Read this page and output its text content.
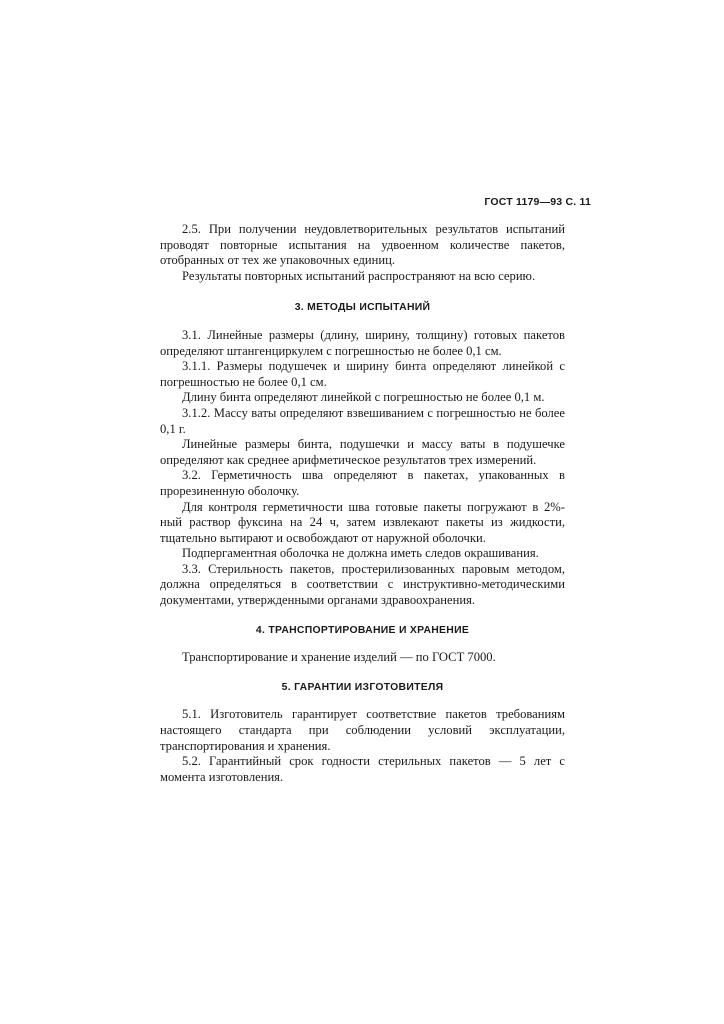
ГОСТ 1179—93 С. 11

2.5. При получении неудовлетворительных результатов испытаний проводят повторные испытания на удвоенном количестве пакетов, отобранных от тех же упаковочных единиц.

Результаты повторных испытаний распространяют на всю серию.

3. МЕТОДЫ ИСПЫТАНИЙ

3.1. Линейные размеры (длину, ширину, толщину) готовых пакетов определяют штангенциркулем с погрешностью не более 0,1 см.

3.1.1. Размеры подушечек и ширину бинта определяют линейкой с погрешностью не более 0,1 см.

Длину бинта определяют линейкой с погрешностью не более 0,1 м.

3.1.2. Массу ваты определяют взвешиванием с погрешностью не более 0,1 г.

Линейные размеры бинта, подушечки и массу ваты в подушечке определяют как среднее арифметическое результатов трех измерений.

3.2. Герметичность шва определяют в пакетах, упакованных в прорезиненную оболочку.

Для контроля герметичности шва готовые пакеты погружают в 2%-ный раствор фуксина на 24 ч, затем извлекают пакеты из жидкости, тщательно вытирают и освобождают от наружной оболочки.

Подпергаментная оболочка не должна иметь следов окрашивания.

3.3. Стерильность пакетов, простерилизованных паровым методом, должна определяться в соответствии с инструктивно-методическими документами, утвержденными органами здравоохранения.

4. ТРАНСПОРТИРОВАНИЕ И ХРАНЕНИЕ

Транспортирование и хранение изделий — по ГОСТ 7000.

5. ГАРАНТИИ ИЗГОТОВИТЕЛЯ

5.1. Изготовитель гарантирует соответствие пакетов требованиям настоящего стандарта при соблюдении условий эксплуатации, транспортирования и хранения.

5.2. Гарантийный срок годности стерильных пакетов — 5 лет с момента изготовления.
